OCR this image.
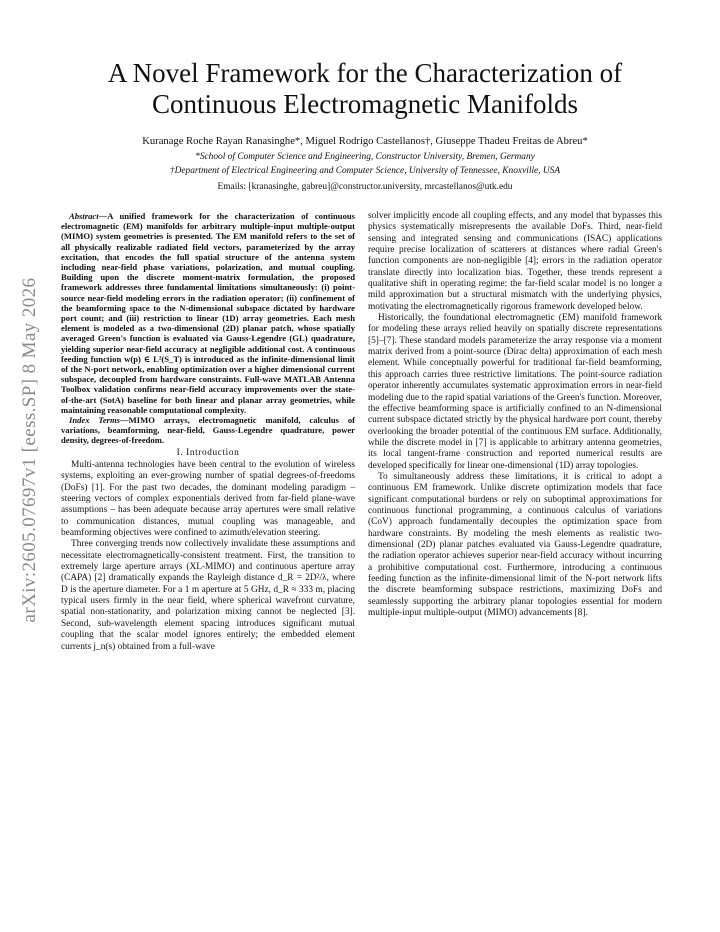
arXiv:2605.07697v1 [eess.SP] 8 May 2026
A Novel Framework for the Characterization of
Continuous Electromagnetic Manifolds
Kuranage Roche Rayan Ranasinghe*, Miguel Rodrigo Castellanos†, Giuseppe Thadeu Freitas de Abreu*
*School of Computer Science and Engineering, Constructor University, Bremen, Germany
†Department of Electrical Engineering and Computer Science, University of Tennessee, Knoxville, USA
Emails: [kranasinghe, gabreu]@constructor.university, mrcastellanos@utk.edu

Abstract—A unified framework for the characterization of continuous electromagnetic (EM) manifolds for arbitrary multiple-input multiple-output (MIMO) system geometries is presented. The EM manifold refers to the set of all physically realizable radiated field vectors, parameterized by the array excitation, that encodes the full spatial structure of the antenna system including near-field phase variations, polarization, and mutual coupling. Building upon the discrete moment-matrix formulation, the proposed framework addresses three fundamental limitations simultaneously: (i) point-source near-field modeling errors in the radiation operator; (ii) confinement of the beamforming space to the N-dimensional subspace dictated by hardware port count; and (iii) restriction to linear (1D) array geometries. Each mesh element is modeled as a two-dimensional (2D) planar patch, whose spatially averaged Green's function is evaluated via Gauss-Legendre (GL) quadrature, yielding superior near-field accuracy at negligible additional cost. A continuous feeding function w(p) ∈ L²(S_T) is introduced as the infinite-dimensional limit of the N-port network, enabling optimization over a higher dimensional current subspace, decoupled from hardware constraints. Full-wave MATLAB Antenna Toolbox validation confirms near-field accuracy improvements over the state-of-the-art (SotA) baseline for both linear and planar array geometries, while maintaining reasonable computational complexity.

Index Terms—MIMO arrays, electromagnetic manifold, calculus of variations, beamforming, near-field, Gauss-Legendre quadrature, power density, degrees-of-freedom.

I. Introduction

Multi-antenna technologies have been central to the evolution of wireless systems, exploiting an ever-growing number of spatial degrees-of-freedoms (DoFs) [1]. For the past two decades, the dominant modeling paradigm – steering vectors of complex exponentials derived from far-field plane-wave assumptions – has been adequate because array apertures were small relative to communication distances, mutual coupling was manageable, and beamforming objectives were confined to azimuth/elevation steering.

Three converging trends now collectively invalidate these assumptions and necessitate electromagnetically-consistent treatment. First, the transition to extremely large aperture arrays (XL-MIMO) and continuous aperture array (CAPA) [2] dramatically expands the Rayleigh distance d_R = 2D²/λ, where D is the aperture diameter. For a 1 m aperture at 5 GHz, d_R ≈ 333 m, placing typical users firmly in the near field, where spherical wavefront curvature, spatial non-stationarity, and polarization mixing cannot be neglected [3]. Second, sub-wavelength element spacing introduces significant mutual coupling that the scalar model ignores entirely; the embedded element currents j_n(s) obtained from a full-wave

solver implicitly encode all coupling effects, and any model that bypasses this physics systematically misrepresents the available DoFs. Third, near-field sensing and integrated sensing and communications (ISAC) applications require precise localization of scatterers at distances where radial Green's function components are non-negligible [4]; errors in the radiation operator translate directly into localization bias. Together, these trends represent a qualitative shift in operating regime: the far-field scalar model is no longer a mild approximation but a structural mismatch with the underlying physics, motivating the electromagnetically rigorous framework developed below.

Historically, the foundational electromagnetic (EM) manifold framework for modeling these arrays relied heavily on spatially discrete representations [5]–[7]. These standard models parameterize the array response via a moment matrix derived from a point-source (Dirac delta) approximation of each mesh element. While conceptually powerful for traditional far-field beamforming, this approach carries three restrictive limitations. The point-source radiation operator inherently accumulates systematic approximation errors in near-field modeling due to the rapid spatial variations of the Green's function. Moreover, the effective beamforming space is artificially confined to an N-dimensional current subspace dictated strictly by the physical hardware port count, thereby overlooking the broader potential of the continuous EM surface. Additionally, while the discrete model in [7] is applicable to arbitrary antenna geometries, its local tangent-frame construction and reported numerical results are developed specifically for linear one-dimensional (1D) array topologies.

To simultaneously address these limitations, it is critical to adopt a continuous EM framework. Unlike discrete optimization models that face significant computational burdens or rely on suboptimal approximations for continuous functional programming, a continuous calculus of variations (CoV) approach fundamentally decouples the optimization space from hardware constraints. By modeling the mesh elements as realistic two-dimensional (2D) planar patches evaluated via Gauss-Legendre quadrature, the radiation operator achieves superior near-field accuracy without incurring a prohibitive computational cost. Furthermore, introducing a continuous feeding function as the infinite-dimensional limit of the N-port network lifts the discrete beamforming subspace restrictions, maximizing DoFs and seamlessly supporting the arbitrary planar topologies essential for modern multiple-input multiple-output (MIMO) advancements [8].
